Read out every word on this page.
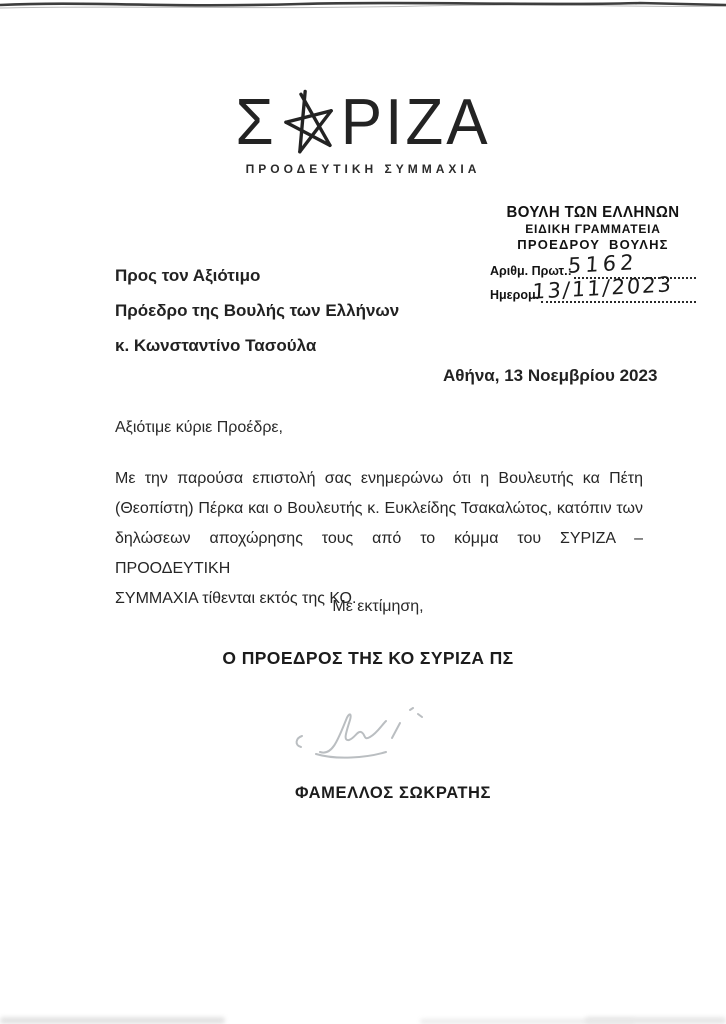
Σ ΡΙΖΑ
ΠΡΟΟΔΕΥΤΙΚΗ ΣΥΜΜΑΧΙΑ
ΒΟΥΛΗ ΤΩΝ ΕΛΛΗΝΩΝ
ΕΙΔΙΚΗ ΓΡΑΜΜΑΤΕΙΑ
ΠΡΟΕΔΡΟΥ ΒΟΥΛΗΣ
Αριθμ. Πρωτ.:
5162
Ημερομ.
13/11/2023
Προς τον Αξιότιμο
Πρόεδρο της Βουλής των Ελλήνων
κ. Κωνσταντίνο Τασούλα
Αθήνα, 13 Νοεμβρίου 2023
Αξιότιμε κύριε Προέδρε,
Με την παρούσα επιστολή σας ενημερώνω ότι η Βουλευτής κα Πέτη
(Θεοπίστη) Πέρκα και ο Βουλευτής κ. Ευκλείδης Τσακαλώτος, κατόπιν των
δηλώσεων αποχώρησης τους από το κόμμα του ΣΥΡΙΖΑ – ΠΡΟΟΔΕΥΤΙΚΗ
ΣΥΜΜΑΧΙΑ τίθενται εκτός της ΚΟ.
Με εκτίμηση,
Ο ΠΡΟΕΔΡΟΣ ΤΗΣ ΚΟ ΣΥΡΙΖΑ ΠΣ
ΦΑΜΕΛΛΟΣ ΣΩΚΡΑΤΗΣ
